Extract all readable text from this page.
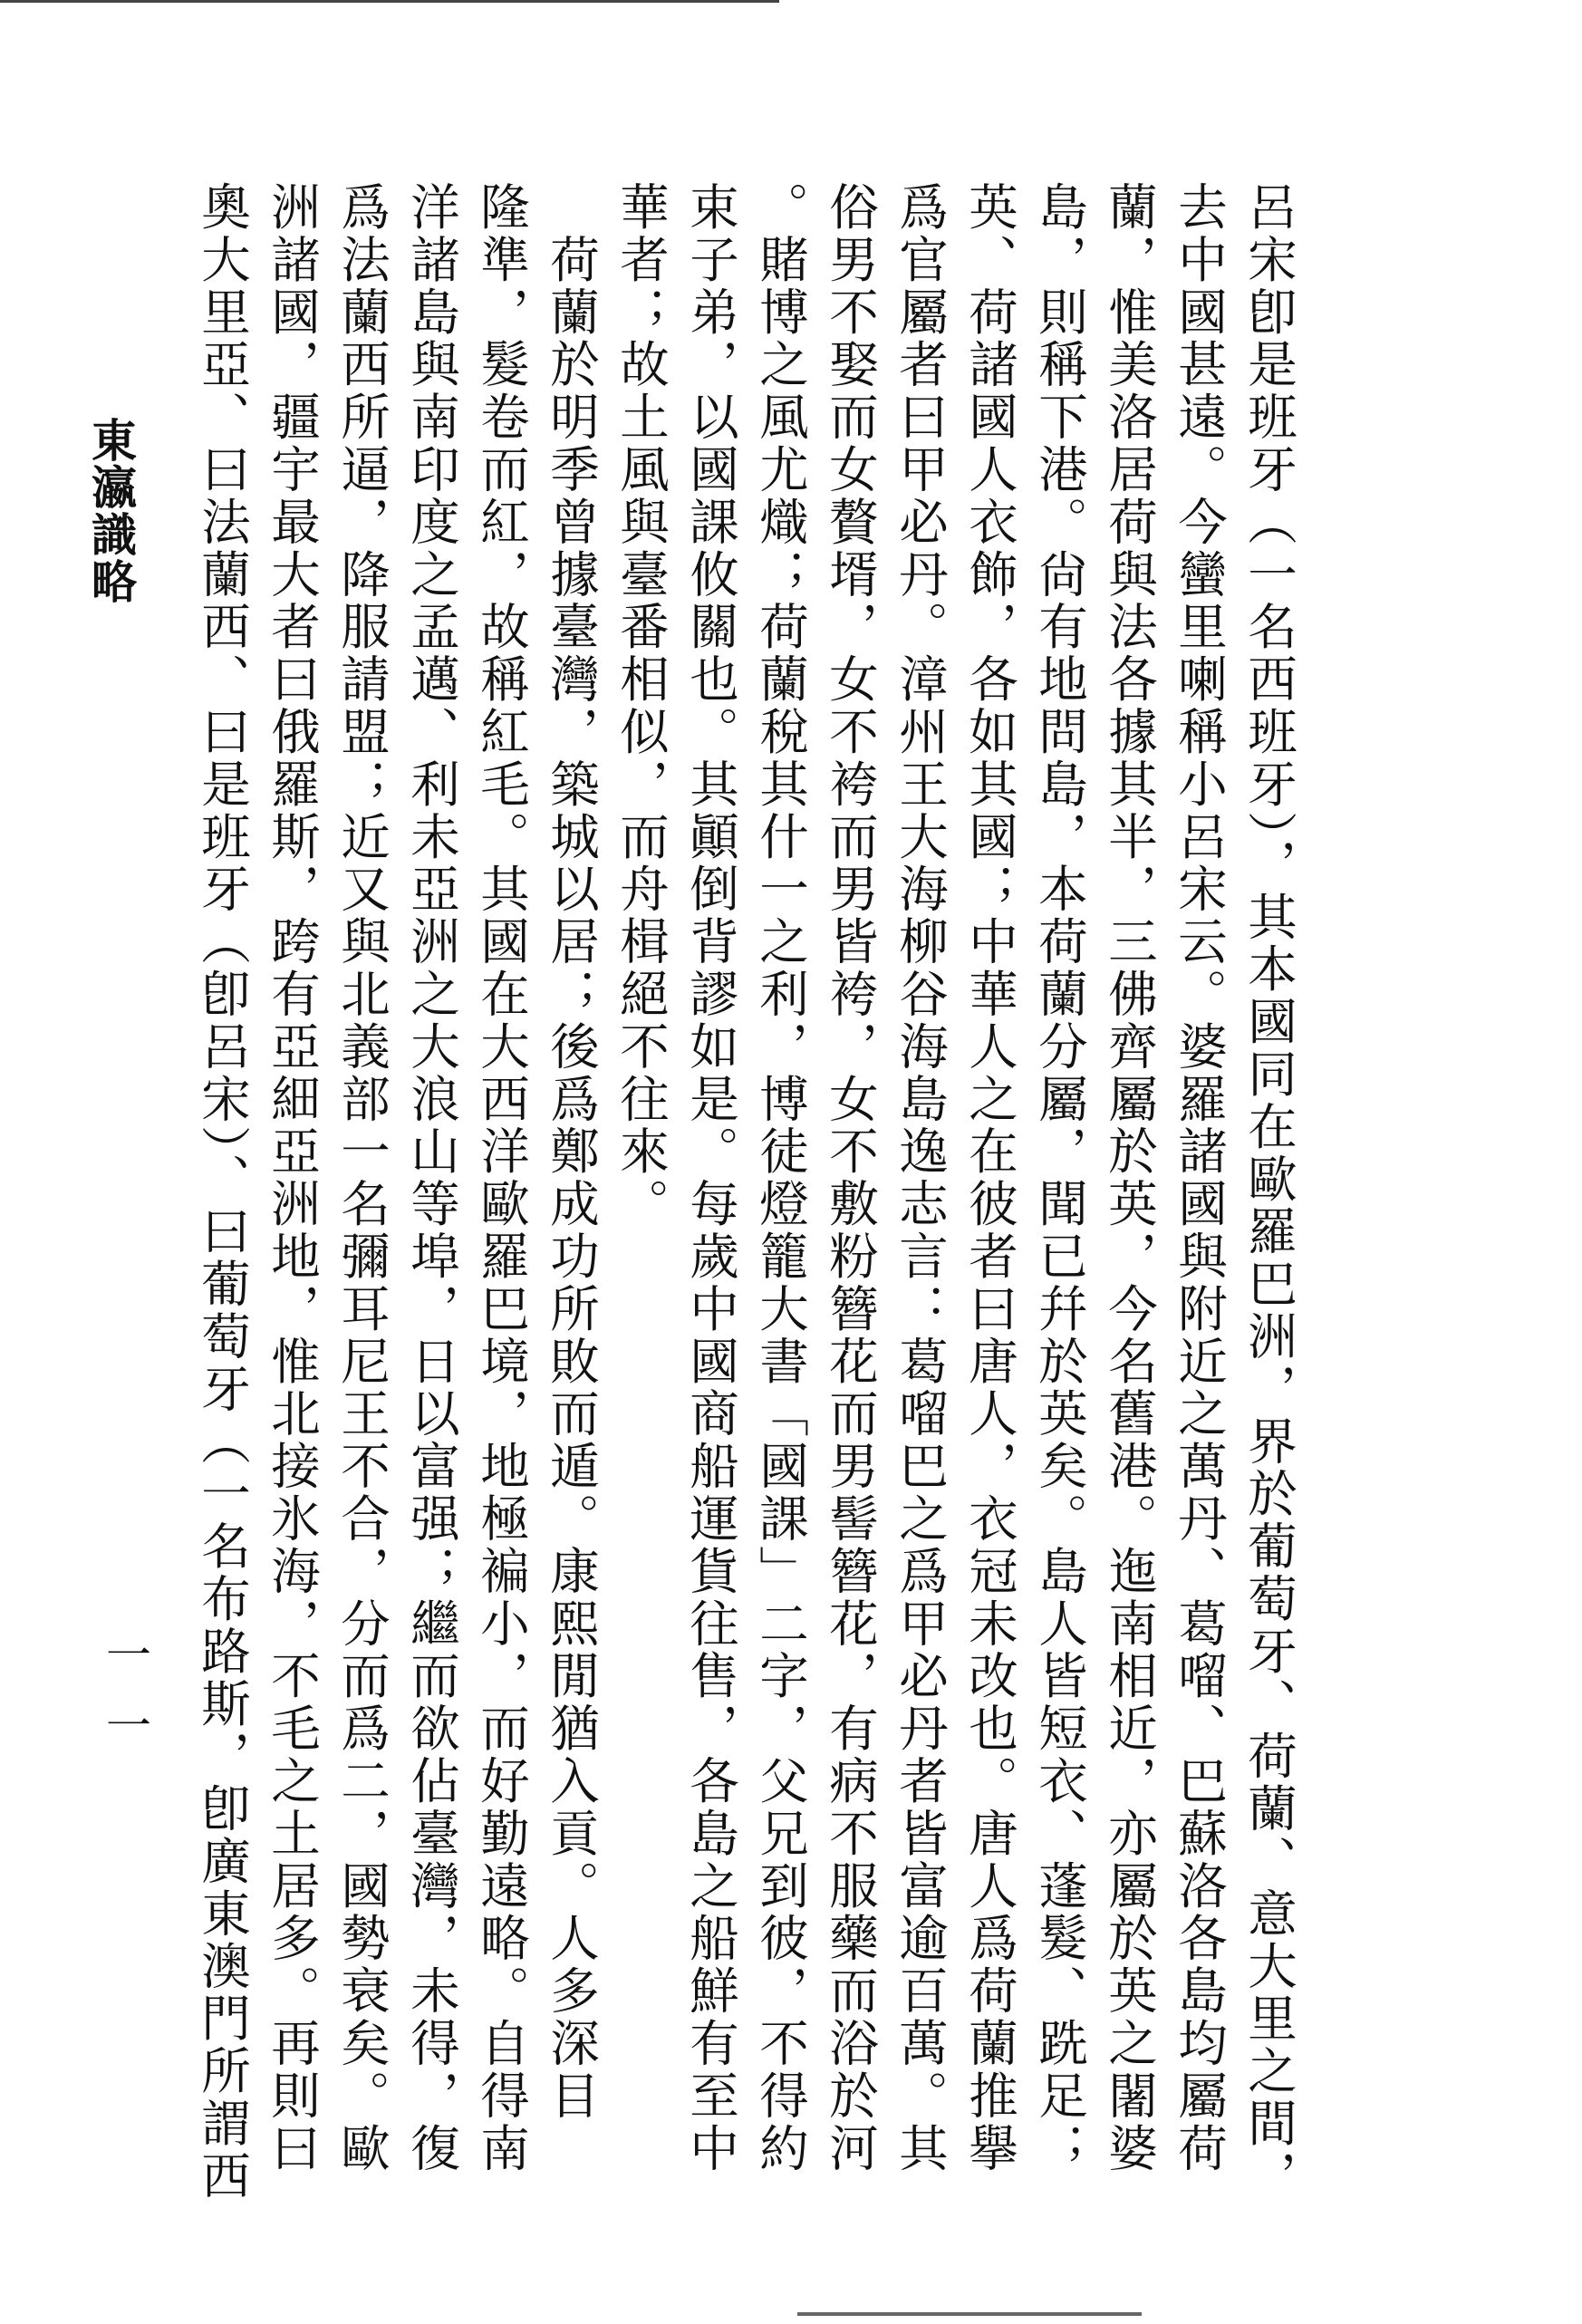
呂宋卽是班牙（一名西班牙），其本國同在歐羅巴洲，界於葡萄牙、荷蘭、意大里之間，
去中國甚遠。今蠻里喇稱小呂宋云。婆羅諸國與附近之萬丹、葛𠺕、巴蘇洛各島均屬荷
蘭，惟美洛居荷與法各據其半，三佛齊屬於英，今名舊港。迤南相近，亦屬於英之闍婆
島，則稱下港。尙有地問島，本荷蘭分屬，聞已幷於英矣。島人皆短衣、蓬髮、跣足；
英、荷諸國人衣飾，各如其國；中華人之在彼者曰唐人，衣冠未改也。唐人爲荷蘭推擧
爲官屬者曰甲必丹。漳州王大海柳谷海島逸志言：葛𠺕巴之爲甲必丹者皆富逾百萬。其
俗男不娶而女贅壻，女不袴而男皆袴，女不敷粉簪花而男髻簪花，有病不服藥而浴於河
。賭博之風尤熾；荷蘭稅其什一之利，博徒燈籠大書「國課」二字，父兄到彼，不得約
束子弟，以國課攸關也。其顚倒背謬如是。每歲中國商船運貨往售，各島之船鮮有至中
華者；故土風與臺番相似，而舟楫絕不往來。
　荷蘭於明季曾據臺灣，築城以居；後爲鄭成功所敗而遁。康熙閒猶入貢。人多深目
隆準，髮卷而紅，故稱紅毛。其國在大西洋歐羅巴境，地極褊小，而好勤遠略。自得南
洋諸島與南印度之孟邁、利未亞洲之大浪山等埠，日以富强；繼而欲佔臺灣，未得，復
爲法蘭西所逼，降服請盟；近又與北義部一名彌耳尼王不合，分而爲二，國勢衰矣。歐
洲諸國，疆宇最大者曰俄羅斯，跨有亞細亞洲地，惟北接氷海，不毛之土居多。再則曰
奧大里亞、曰法蘭西、曰是班牙（卽呂宋）、曰葡萄牙（一名布路斯，卽廣東澳門所謂西
東瀛識略
一一
